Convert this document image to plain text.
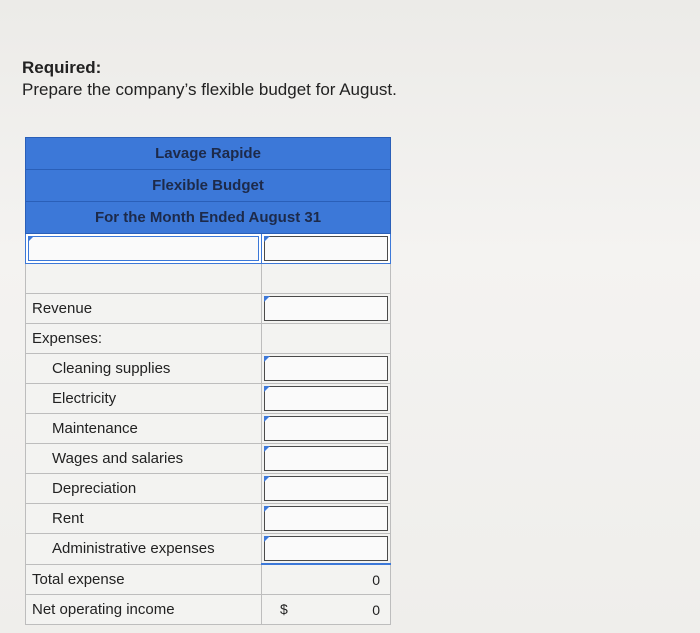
Required:
Prepare the company’s flexible budget for August.
Lavage Rapide	
Flexible Budget	
For the Month Ended August 31	

Revenue	

Expenses:	
Cleaning supplies	

Electricity	

Maintenance	

Wages and salaries	

Depreciation	

Rent	

Administrative expenses	

Total expense	0
Net operating income	$ 0
